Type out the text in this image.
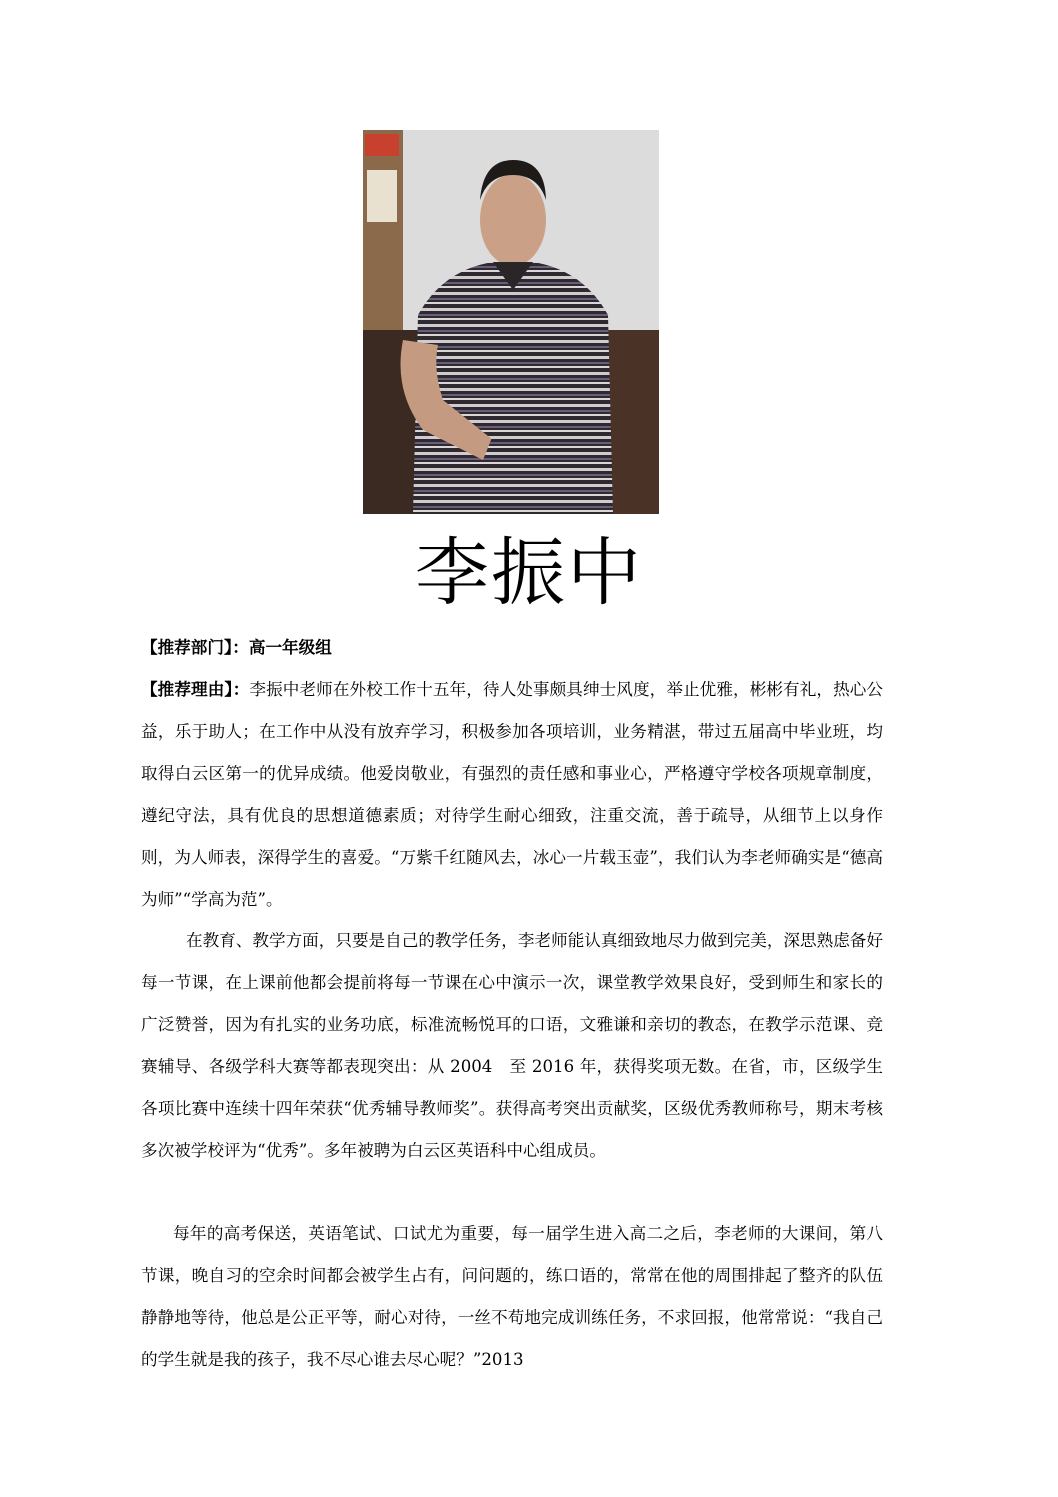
李振中
【推荐部门】：高一年级组
【推荐理由】：李振中老师在外校工作十五年，待人处事颇具绅士风度，举止优雅，彬彬有礼，热心公益，乐于助人；在工作中从没有放弃学习，积极参加各项培训，业务精湛，带过五届高中毕业班，均取得白云区第一的优异成绩。他爱岗敬业，有强烈的责任感和事业心，严格遵守学校各项规章制度，遵纪守法，具有优良的思想道德素质；对待学生耐心细致，注重交流，善于疏导，从细节上以身作则，为人师表，深得学生的喜爱。“万紫千红随风去，冰心一片载玉壶”，我们认为李老师确实是“德高为师”“学高为范”。
在教育、教学方面，只要是自己的教学任务，李老师能认真细致地尽力做到完美，深思熟虑备好每一节课，在上课前他都会提前将每一节课在心中演示一次，课堂教学效果良好，受到师生和家长的广泛赞誉，因为有扎实的业务功底，标准流畅悦耳的口语，文雅谦和亲切的教态，在教学示范课、竞赛辅导、各级学科大赛等都表现突出：从 2004　至 2016 年，获得奖项无数。在省，市，区级学生各项比赛中连续十四年荣获“优秀辅导教师奖”。获得高考突出贡献奖，区级优秀教师称号，期末考核多次被学校评为“优秀”。多年被聘为白云区英语科中心组成员。
每年的高考保送，英语笔试、口试尤为重要，每一届学生进入高二之后，李老师的大课间，第八节课，晚自习的空余时间都会被学生占有，问问题的，练口语的，常常在他的周围排起了整齐的队伍静静地等待，他总是公正平等，耐心对待，一丝不苟地完成训练任务，不求回报，他常常说：“我自己的学生就是我的孩子，我不尽心谁去尽心呢？”2013
